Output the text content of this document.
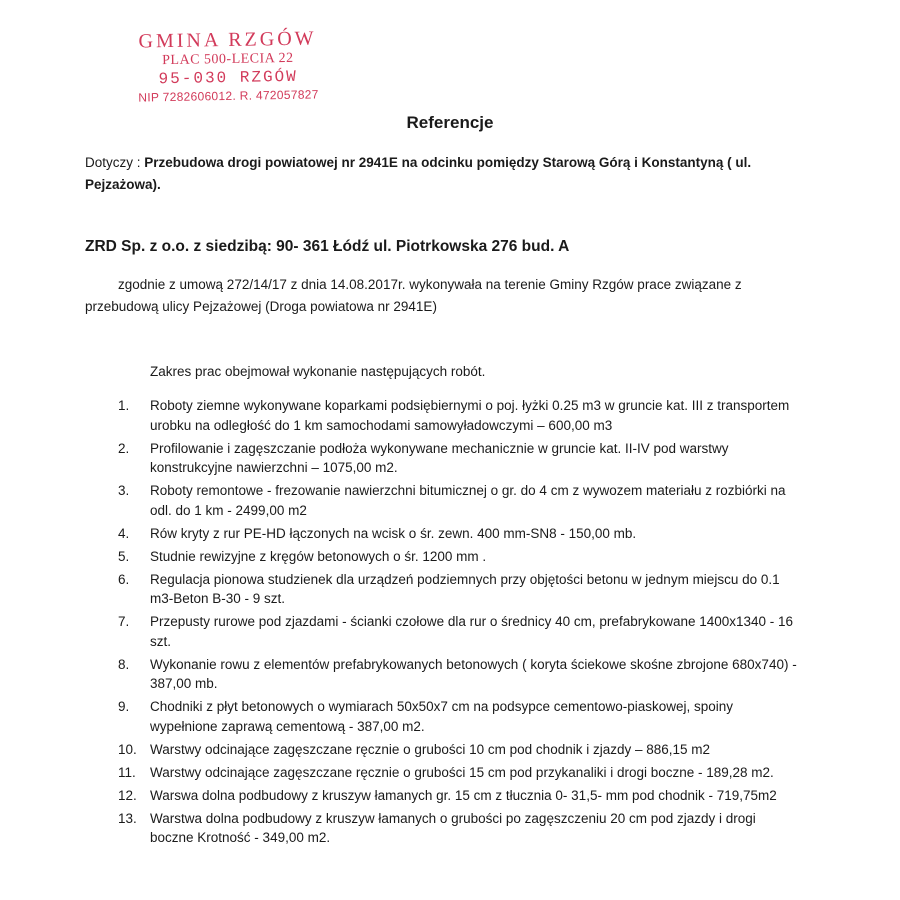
GMINA RZGÓW
PLAC 500-LECIA 22
95-030 RZGÓW
NIP 7282606012. R. 472057827
Referencje
Dotyczy : Przebudowa drogi powiatowej nr 2941E na odcinku pomiędzy Starową Górą i Konstantyną ( ul. Pejzażowa).
ZRD Sp. z o.o. z siedzibą: 90- 361 Łódź ul. Piotrkowska 276 bud. A
zgodnie z umową 272/14/17 z dnia 14.08.2017r. wykonywała na terenie Gminy Rzgów prace związane z przebudową ulicy Pejzażowej (Droga powiatowa nr 2941E)
Zakres prac obejmował wykonanie następujących robót.
1.	Roboty ziemne wykonywane koparkami podsiębiernymi o poj. łyżki 0.25 m3 w gruncie kat. III z transportem urobku na odległość do 1 km samochodami samowyładowczymi – 600,00 m3
2.	Profilowanie i zagęszczanie podłoża wykonywane mechanicznie w gruncie kat. II-IV pod warstwy konstrukcyjne nawierzchni – 1075,00 m2.
3.	Roboty remontowe - frezowanie nawierzchni bitumicznej o gr. do 4 cm z wywozem materiału z rozbiórki na odl. do 1 km - 2499,00 m2
4.	Rów kryty z rur PE-HD łączonych na wcisk o śr. zewn. 400 mm-SN8 - 150,00 mb.
5.	Studnie rewizyjne z kręgów betonowych o śr. 1200 mm .
6.	Regulacja pionowa studzienek dla urządzeń podziemnych przy objętości betonu w jednym miejscu do 0.1 m3-Beton B-30 - 9 szt.
7.	Przepusty rurowe pod zjazdami - ścianki czołowe dla rur o średnicy 40 cm, prefabrykowane 1400x1340 - 16 szt.
8.	Wykonanie rowu z elementów prefabrykowanych betonowych ( koryta ściekowe skośne zbrojone 680x740) - 387,00 mb.
9.	Chodniki z płyt betonowych o wymiarach 50x50x7 cm na podsypce cementowo-piaskowej, spoiny wypełnione zaprawą cementową - 387,00 m2.
10. Warstwy odcinające zagęszczane ręcznie o grubości 10 cm pod chodnik i zjazdy – 886,15 m2
11.	Warstwy odcinające zagęszczane ręcznie o grubości 15 cm pod przykanaliki i drogi boczne - 189,28 m2.
12. Warswa dolna podbudowy z kruszyw łamanych gr. 15 cm z tłucznia 0- 31,5- mm pod chodnik - 719,75m2
13. Warstwa dolna podbudowy z kruszyw łamanych o grubości po zagęszczeniu 20 cm pod zjazdy i drogi boczne Krotność - 349,00 m2.
